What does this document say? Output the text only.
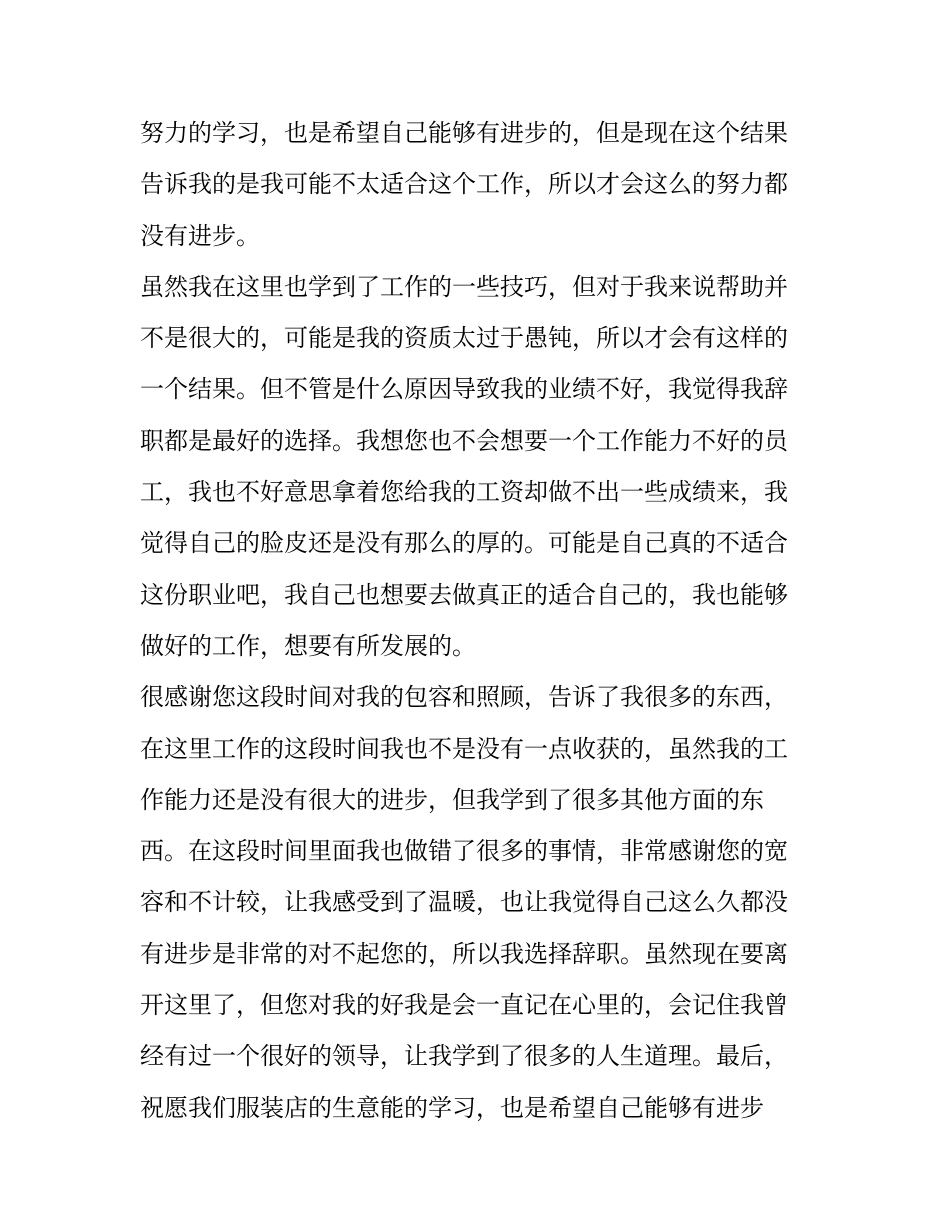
努力的学习，也是希望自己能够有进步的，但是现在这个结果
告诉我的是我可能不太适合这个工作，所以才会这么的努力都
没有进步。
虽然我在这里也学到了工作的一些技巧，但对于我来说帮助并
不是很大的，可能是我的资质太过于愚钝，所以才会有这样的
一个结果。但不管是什么原因导致我的业绩不好，我觉得我辞
职都是最好的选择。我想您也不会想要一个工作能力不好的员
工，我也不好意思拿着您给我的工资却做不出一些成绩来，我
觉得自己的脸皮还是没有那么的厚的。可能是自己真的不适合
这份职业吧，我自己也想要去做真正的适合自己的，我也能够
做好的工作，想要有所发展的。
很感谢您这段时间对我的包容和照顾，告诉了我很多的东西，
在这里工作的这段时间我也不是没有一点收获的，虽然我的工
作能力还是没有很大的进步，但我学到了很多其他方面的东
西。在这段时间里面我也做错了很多的事情，非常感谢您的宽
容和不计较，让我感受到了温暖，也让我觉得自己这么久都没
有进步是非常的对不起您的，所以我选择辞职。虽然现在要离
开这里了，但您对我的好我是会一直记在心里的，会记住我曾
经有过一个很好的领导，让我学到了很多的人生道理。最后，
祝愿我们服装店的生意能的学习，也是希望自己能够有进步
